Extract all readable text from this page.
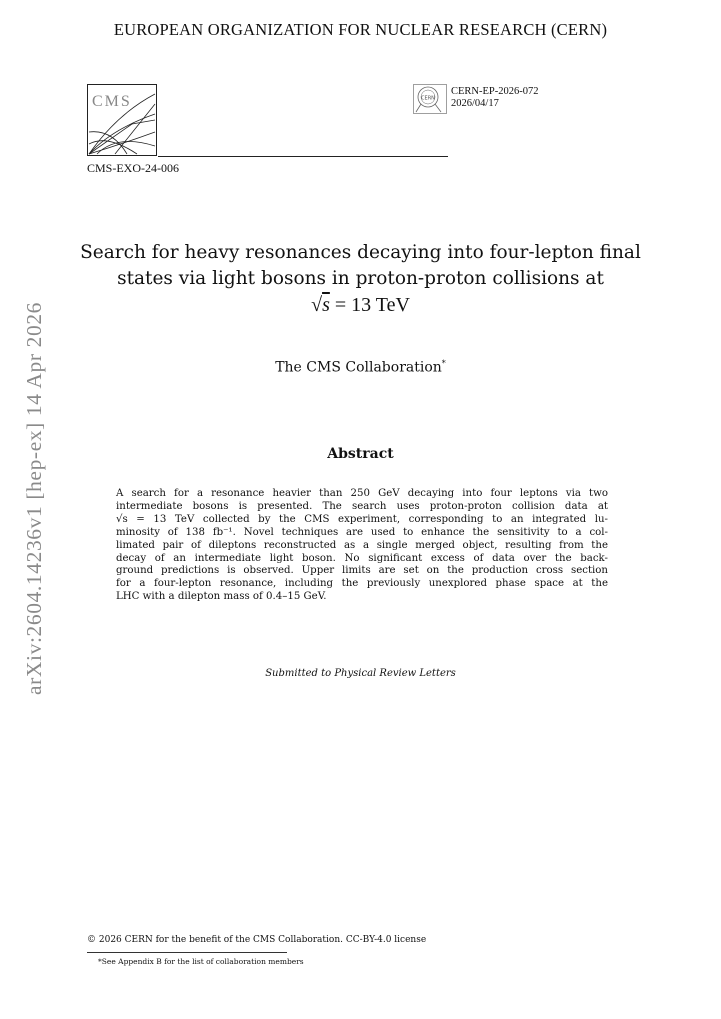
EUROPEAN ORGANIZATION FOR NUCLEAR RESEARCH (CERN)
CMS	CERN
CERN-EP-2026-072
2026/04/17
CMS-EXO-24-006
Search for heavy resonances decaying into four-lepton final
states via light bosons in proton-proton collisions at
√s = 13 TeV
The CMS Collaboration*
Abstract
A search for a resonance heavier than 250 GeV decaying into four leptons via two
intermediate bosons is presented. The search uses proton-proton collision data at
√s = 13 TeV collected by the CMS experiment, corresponding to an integrated lu-
minosity of 138 fb⁻¹. Novel techniques are used to enhance the sensitivity to a col-
limated pair of dileptons reconstructed as a single merged object, resulting from the
decay of an intermediate light boson. No significant excess of data over the back-
ground predictions is observed. Upper limits are set on the production cross section
for a four-lepton resonance, including the previously unexplored phase space at the
LHC with a dilepton mass of 0.4–15 GeV.
Submitted to Physical Review Letters
arXiv:2604.14236v1 [hep-ex] 14 Apr 2026
© 2026 CERN for the benefit of the CMS Collaboration. CC-BY-4.0 license
*See Appendix B for the list of collaboration members
